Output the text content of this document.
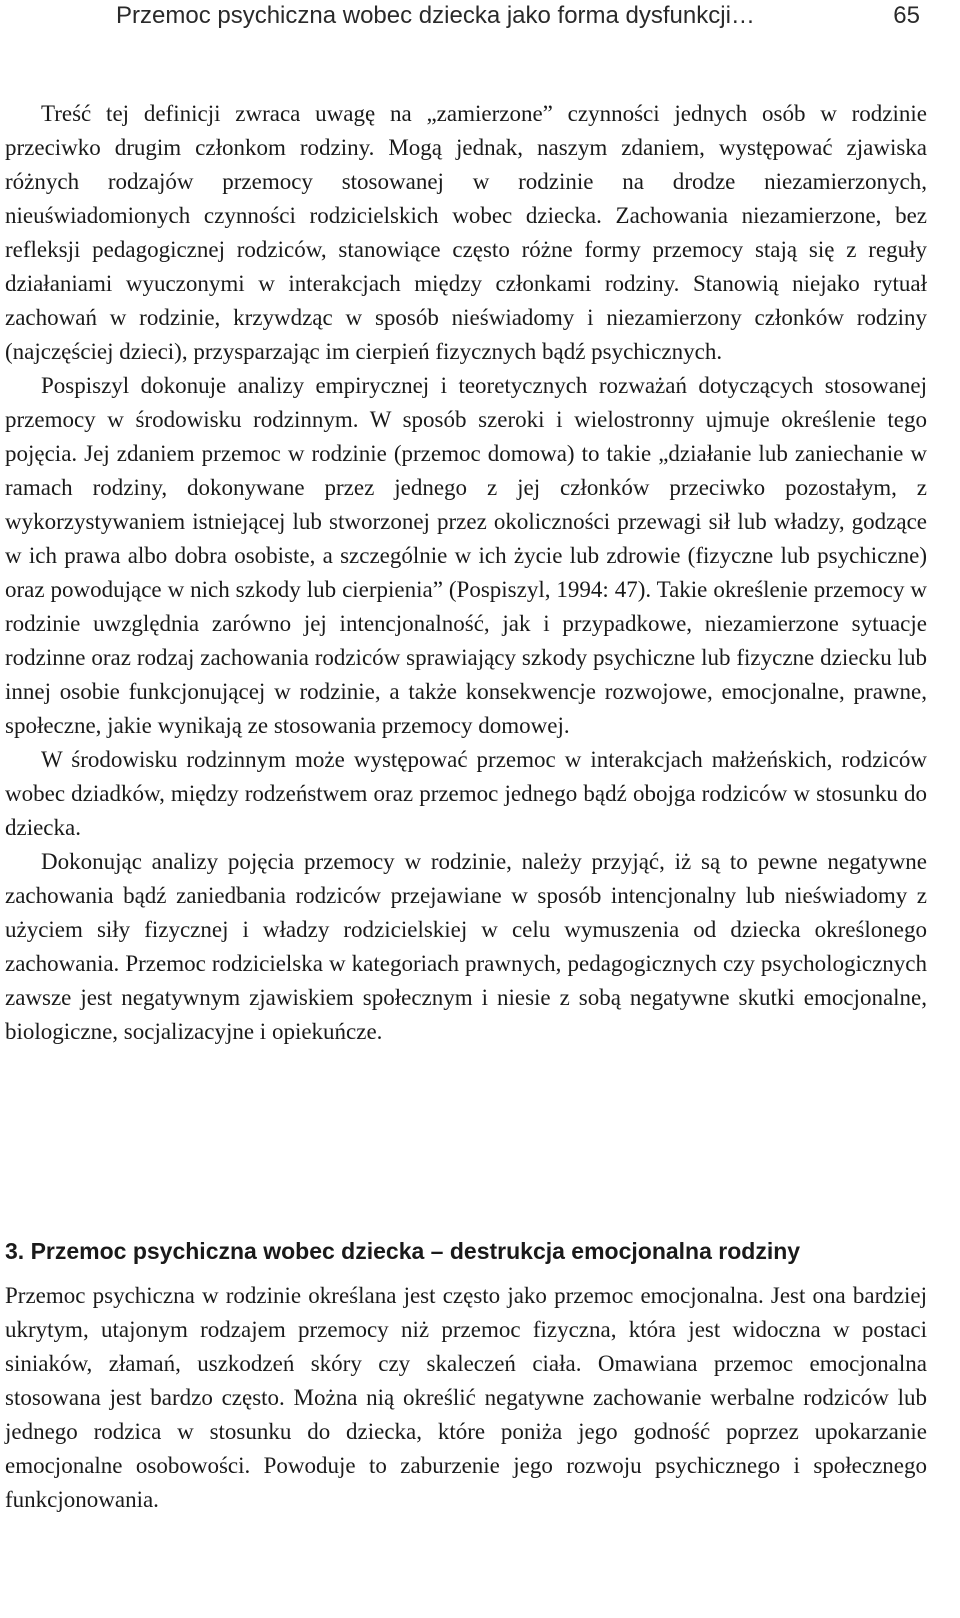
Przemoc psychiczna wobec dziecka jako forma dysfunkcji…	65

Treść tej definicji zwraca uwagę na „zamierzone” czynności jednych osób w rodzinie przeciwko drugim członkom rodziny. Mogą jednak, naszym zdaniem, występować zjawiska różnych rodzajów przemocy stosowanej w rodzinie na drodze niezamierzonych, nieuświadomionych czynności rodzicielskich wobec dziecka. Zachowania niezamierzone, bez refleksji pedagogicznej rodziców, stanowiące często różne formy przemocy stają się z reguły działaniami wyuczonymi w interakcjach między członkami rodziny. Stanowią niejako rytuał zachowań w rodzinie, krzywdząc w sposób nieświadomy i niezamierzony członków rodziny (najczęściej dzieci), przysparzając im cierpień fizycznych bądź psychicznych.

Pospiszyl dokonuje analizy empirycznej i teoretycznych rozważań dotyczących stosowanej przemocy w środowisku rodzinnym. W sposób szeroki i wielostronny ujmuje określenie tego pojęcia. Jej zdaniem przemoc w rodzinie (przemoc domowa) to takie „działanie lub zaniechanie w ramach rodziny, dokonywane przez jednego z jej członków przeciwko pozostałym, z wykorzystywaniem istniejącej lub stworzonej przez okoliczności przewagi sił lub władzy, godzące w ich prawa albo dobra osobiste, a szczególnie w ich życie lub zdrowie (fizyczne lub psychiczne) oraz powodujące w nich szkody lub cierpienia” (Pospiszyl, 1994: 47). Takie określenie przemocy w rodzinie uwzględnia zarówno jej intencjonalność, jak i przypadkowe, niezamierzone sytuacje rodzinne oraz rodzaj zachowania rodziców sprawiający szkody psychiczne lub fizyczne dziecku lub innej osobie funkcjonującej w rodzinie, a także konsekwencje rozwojowe, emocjonalne, prawne, społeczne, jakie wynikają ze stosowania przemocy domowej.

W środowisku rodzinnym może występować przemoc w interakcjach małżeńskich, rodziców wobec dziadków, między rodzeństwem oraz przemoc jednego bądź obojga rodziców w stosunku do dziecka.

Dokonując analizy pojęcia przemocy w rodzinie, należy przyjąć, iż są to pewne negatywne zachowania bądź zaniedbania rodziców przejawiane w sposób intencjonalny lub nieświadomy z użyciem siły fizycznej i władzy rodzicielskiej w celu wymuszenia od dziecka określonego zachowania. Przemoc rodzicielska w kategoriach prawnych, pedagogicznych czy psychologicznych zawsze jest negatywnym zjawiskiem społecznym i niesie z sobą negatywne skutki emocjonalne, biologiczne, socjalizacyjne i opiekuńcze.

3. Przemoc psychiczna wobec dziecka – destrukcja emocjonalna rodziny

Przemoc psychiczna w rodzinie określana jest często jako przemoc emocjonalna. Jest ona bardziej ukrytym, utajonym rodzajem przemocy niż przemoc fizyczna, która jest widoczna w postaci siniaków, złamań, uszkodzeń skóry czy skaleczeń ciała. Omawiana przemoc emocjonalna stosowana jest bardzo często. Można nią określić negatywne zachowanie werbalne rodziców lub jednego rodzica w stosunku do dziecka, które poniża jego godność poprzez upokarzanie emocjonalne osobowości. Powoduje to zaburzenie jego rozwoju psychicznego i społecznego funkcjonowania.
